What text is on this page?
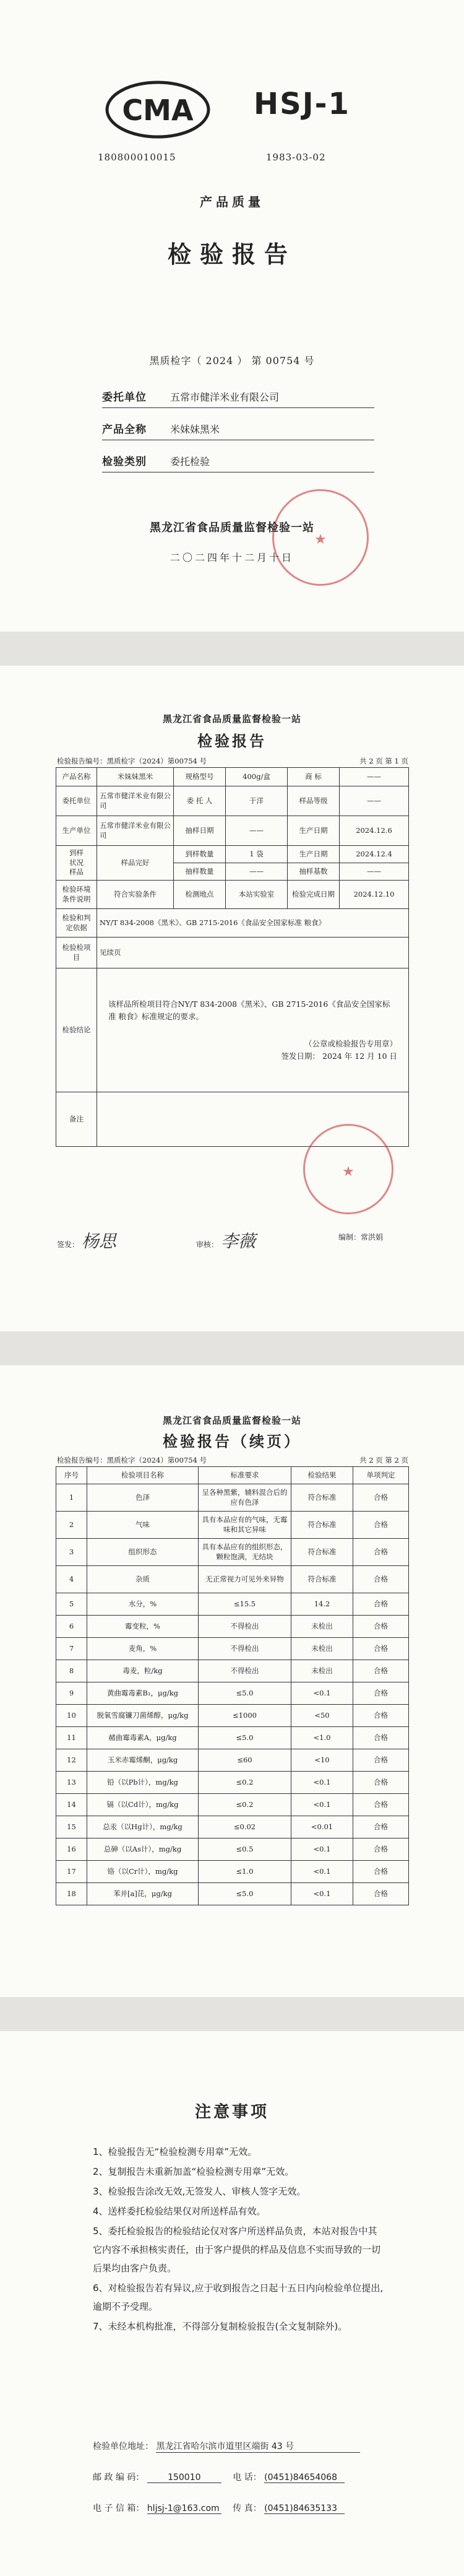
CMA HSJ-1
180800010015	1983-03-02
产品质量
检验报告
黑质检字（ 2024 ） 第 00754 号
委托单位 五常市健洋米业有限公司
产品全称 米妹妹黑米
检验类别 委托检验
★
黑龙江省食品质量监督检验一站
二〇二四年十二月十日
黑龙江省食品质量监督检验一站
检验报告
检验报告编号：黑质检字（2024）第00754 号	共 2 页 第 1 页
产品名称	米妹妹黑米	规格型号	400g/盒	商 标	——
委托单位	五常市健洋米业有限公司	委 托 人	于洋	样品等级	——
生产单位	五常市健洋米业有限公司	抽样日期	——	生产日期	2024.12.6
到样
状况
样品	样品完好	到样数量	1 袋	生产日期	2024.12.4
		抽样数量	——	抽样基数	——
检验环境条件说明	符合实验条件	检测地点	本站实验室	检验完成日期	2024.12.10
检验和判定依据	NY/T 834-2008《黑米》、GB 2715-2016《食品安全国家标准 粮食》				
检验检项目	见续页				
检验结论	该样品所检项目符合NY/T 834-2008《黑米》、GB 2715-2016《食品安全国家标准 粮食》标准规定的要求。
（公章或检验报告专用章）
签发日期： 2024 年 12 月 10 日				

备注					
★
签发： 杨思	审核： 李薇	编制：常洪娟
黑龙江省食品质量监督检验一站
检验报告（续页）
检验报告编号：黑质检字（2024）第00754 号	共 2 页 第 2 页
序号	检验项目名称	标准要求	检验结果	单项判定
1	色泽	呈各种黑紫，辅料混合后的应有色泽	符合标准	合格
2	气味	具有本品应有的气味，无霉味和其它异味	符合标准	合格
3	组织形态	具有本品应有的组织形态，颗粒饱满，无结块	符合标准	合格
4	杂质	无正常视力可见外来异物	符合标准	合格
5	水分，%	≤15.5	14.2	合格
6	霉变粒，%	不得检出	未检出	合格
7	麦角，%	不得检出	未检出	合格
8	毒麦，粒/kg	不得检出	未检出	合格
9	黄曲霉毒素B₁，μg/kg	≤5.0	<0.1	合格
10	脱氧雪腐镰刀菌烯醇，μg/kg	≤1000	<50	合格
11	赭曲霉毒素A，μg/kg	≤5.0	<1.0	合格
12	玉米赤霉烯酮，μg/kg	≤60	<10	合格
13	铅（以Pb计），mg/kg	≤0.2	<0.1	合格
14	镉（以Cd计），mg/kg	≤0.2	<0.1	合格
15	总汞（以Hg计），mg/kg	≤0.02	<0.01	合格
16	总砷（以As计），mg/kg	≤0.5	<0.1	合格
17	铬（以Cr计），mg/kg	≤1.0	<0.1	合格
18	苯并[a]芘，μg/kg	≤5.0	<0.1	合格
注意事项

1、检验报告无“检验检测专用章”无效。

2、复制报告未重新加盖“检验检测专用章”无效。

3、检验报告涂改无效,无签发人、审核人签字无效。

4、送样委托检验结果仅对所送样品有效。

5、委托检验报告的检验结论仅对客户所送样品负责，本站对报告中其它内容不承担核实责任，由于客户提供的样品及信息不实而导致的一切后果均由客户负责。

6、对检验报告若有异议,应于收到报告之日起十五日内向检验单位提出,逾期不予受理。

7、未经本机构批准，不得部分复制检验报告(全文复制除外)。

检验单位地址： 黑龙江省哈尔滨市道里区端街 43 号
邮 政 编 码：	150010	电 话： (0451)84654068
电 子 信 箱： hljsj-1@163.com 传 真： (0451)84635133
